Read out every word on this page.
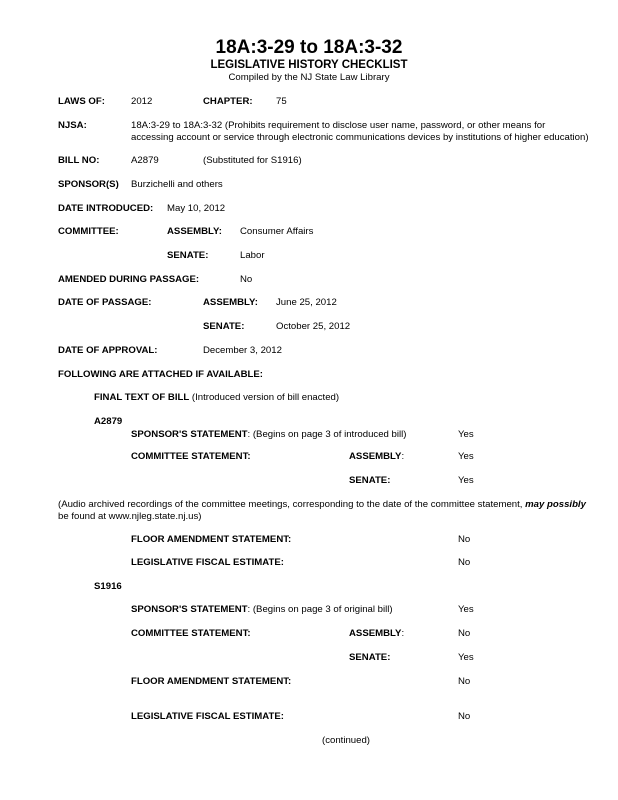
18A:3-29 to 18A:3-32
LEGISLATIVE HISTORY CHECKLIST
Compiled by the NJ State Law Library
LAWS OF:	2012	CHAPTER: 75
NJSA:	18A:3-29 to 18A:3-32 (Prohibits requirement to disclose user name, password, or other means for
accessing account or service through electronic communications devices by institutions of higher education)
BILL NO:	A2879	(Substituted for S1916)
SPONSOR(S) Burzichelli and others
DATE INTRODUCED: May 10, 2012
COMMITTEE:	ASSEMBLY: Consumer Affairs
SENATE:	Labor
AMENDED DURING PASSAGE:	No
DATE OF PASSAGE:	ASSEMBLY: June 25, 2012
SENATE:	October 25, 2012
DATE OF APPROVAL:	December 3, 2012
FOLLOWING ARE ATTACHED IF AVAILABLE:
FINAL TEXT OF BILL (Introduced version of bill enacted)
A2879
SPONSOR'S STATEMENT: (Begins on page 3 of introduced bill)	Yes
COMMITTEE STATEMENT:	ASSEMBLY:	Yes
SENATE:	Yes
(Audio archived recordings of the committee meetings, corresponding to the date of the committee statement, may possibly
be found at www.njleg.state.nj.us)
FLOOR AMENDMENT STATEMENT:	No
LEGISLATIVE FISCAL ESTIMATE:	No
S1916
SPONSOR'S STATEMENT: (Begins on page 3 of original bill)	Yes
COMMITTEE STATEMENT:	ASSEMBLY:	No
SENATE:	Yes
FLOOR AMENDMENT STATEMENT:	No
LEGISLATIVE FISCAL ESTIMATE:	No
(continued)
